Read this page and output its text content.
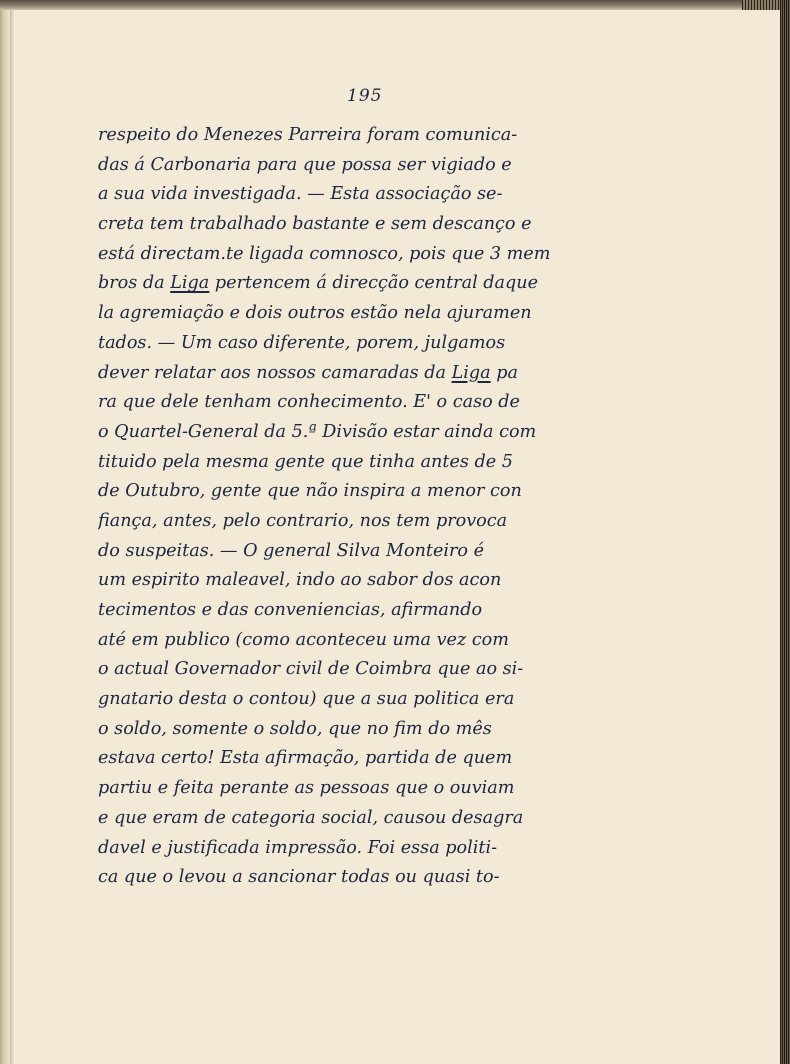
195
respeito do Menezes Parreira foram comunica-
das á Carbonaria para que possa ser vigiado e
a sua vida investigada. — Esta associação se-
creta tem trabalhado bastante e sem descanço e
está directam.te ligada comnosco, pois que 3 mem
bros da Liga pertencem á direcção central daque
la agremiação e dois outros estão nela ajuramen
tados. — Um caso diferente, porem, julgamos
dever relatar aos nossos camaradas da Liga pa
ra que dele tenham conhecimento. E' o caso de
o Quartel-General da 5.ª Divisão estar ainda com
tituido pela mesma gente que tinha antes de 5
de Outubro, gente que não inspira a menor con
fiança, antes, pelo contrario, nos tem provoca
do suspeitas. — O general Silva Monteiro é
um espirito maleavel, indo ao sabor dos acon
tecimentos e das conveniencias, afirmando
até em publico (como aconteceu uma vez com
o actual Governador civil de Coimbra que ao si-
gnatario desta o contou) que a sua politica era
o soldo, somente o soldo, que no fim do mês
estava certo! Esta afirmação, partida de quem
partiu e feita perante as pessoas que o ouviam
e que eram de categoria social, causou desagra
davel e justificada impressão. Foi essa politi-
ca que o levou a sancionar todas ou quasi to-
